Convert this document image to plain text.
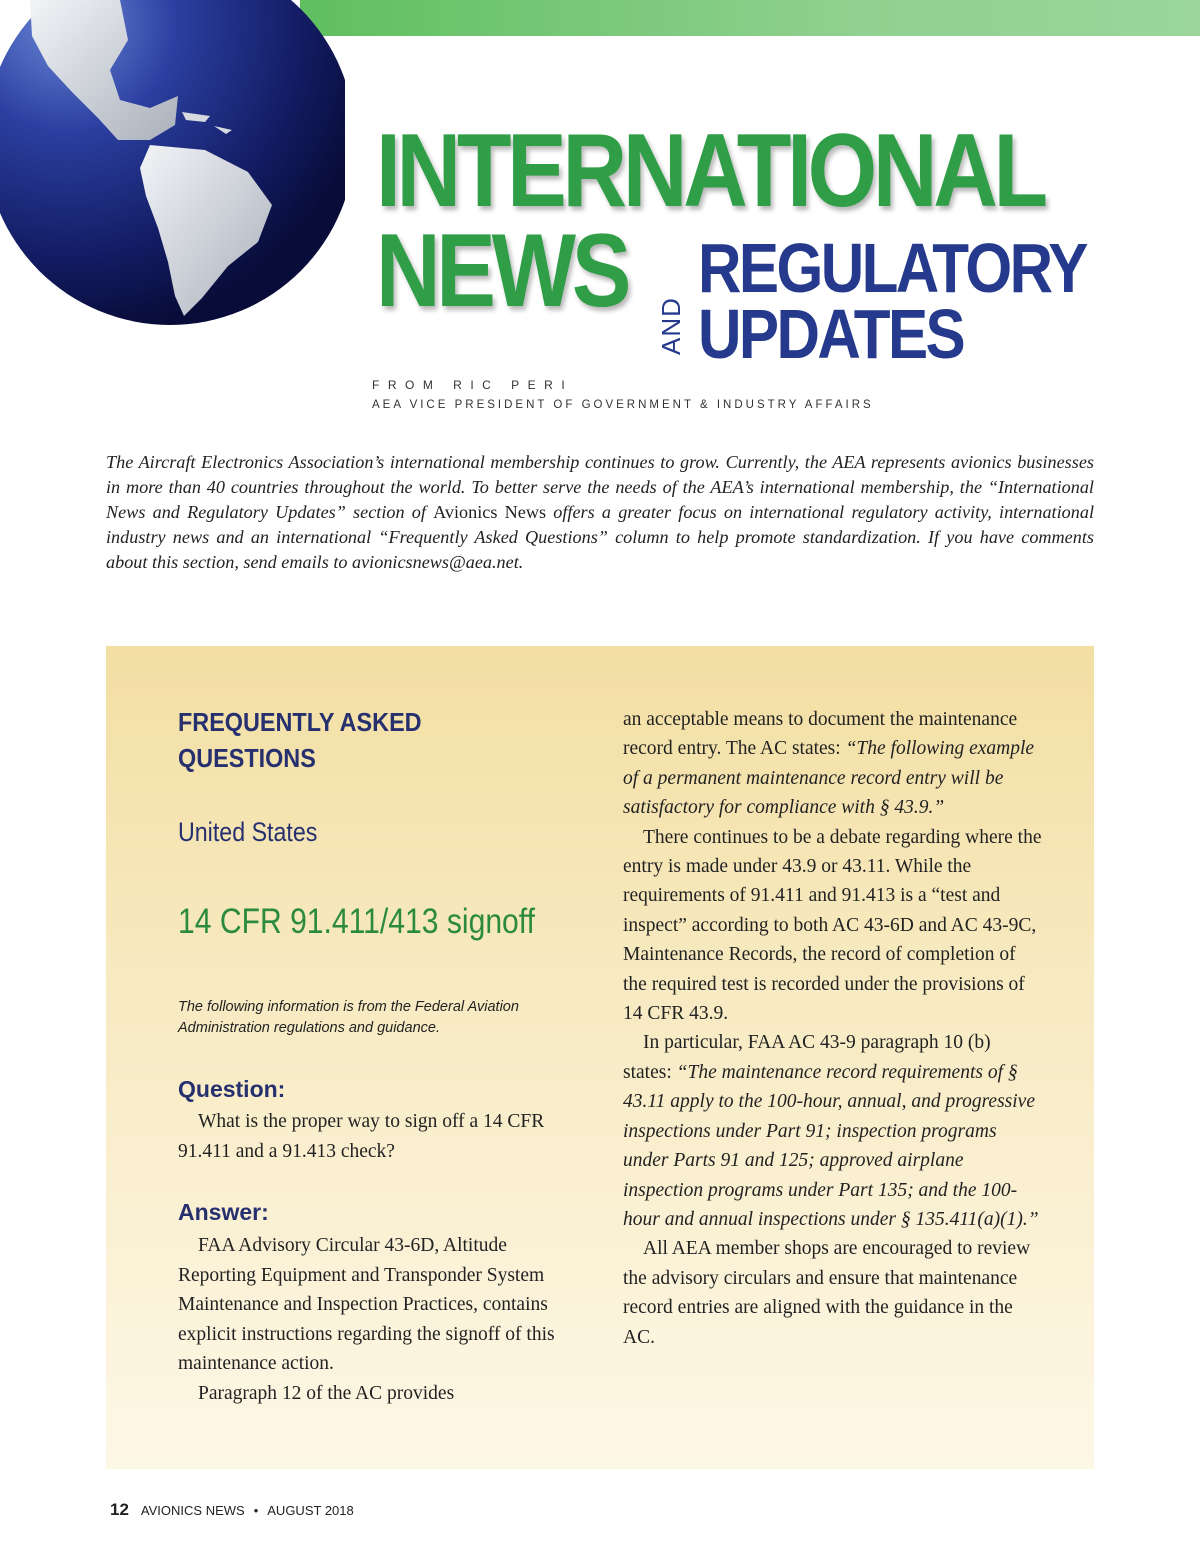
INTERNATIONAL
NEWS AND
REGULATORY
UPDATES
FROM RIC PERI
AEA VICE PRESIDENT OF GOVERNMENT & INDUSTRY AFFAIRS
The Aircraft Electronics Association’s international membership continues to grow. Currently, the AEA represents avionics businesses in more than 40 countries throughout the world. To better serve the needs of the AEA’s international membership, the “International News and Regulatory Updates” section of Avionics News offers a greater focus on international regulatory activity, international industry news and an international “Frequently Asked Questions” column to help promote standardization. If you have comments about this section, send emails to avionicsnews@aea.net.
FREQUENTLY ASKED
QUESTIONS
United States
14 CFR 91.411/413 signoff
The following information is from the Federal Aviation Administration regulations and guidance.
Question:

What is the proper way to sign off a 14 CFR 91.411 and a 91.413 check?

Answer:

FAA Advisory Circular 43-6D, Altitude Reporting Equipment and Transponder System Maintenance and Inspection Practices, contains explicit instructions regarding the signoff of this maintenance action.

Paragraph 12 of the AC provides

an acceptable means to document the maintenance record entry. The AC states: “The following example of a permanent maintenance record entry will be satisfactory for compliance with § 43.9.”

There continues to be a debate regarding where the entry is made under 43.9 or 43.11. While the requirements of 91.411 and 91.413 is a “test and inspect” according to both AC 43-6D and AC 43-9C, Maintenance Records, the record of completion of the required test is recorded under the provisions of 14 CFR 43.9.

In particular, FAA AC 43-9 paragraph 10 (b) states: “The maintenance record requirements of § 43.11 apply to the 100-hour, annual, and progressive inspections under Part 91; inspection programs under Parts 91 and 125; approved airplane inspection programs under Part 135; and the 100-hour and annual inspections under § 135.411(a)(1).”

All AEA member shops are encouraged to review the advisory circulars and ensure that maintenance record entries are aligned with the guidance in the AC.

12 AVIONICS NEWS • AUGUST 2018
